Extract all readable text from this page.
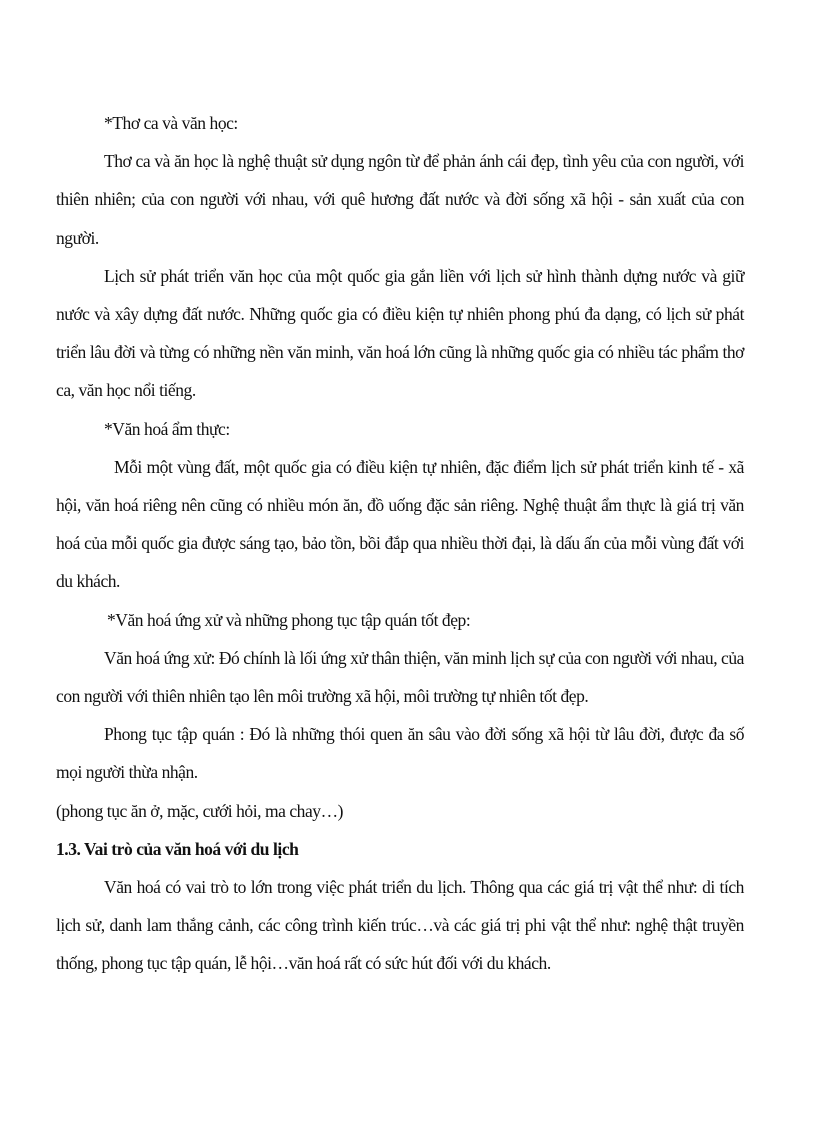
*Thơ ca và văn học:

Thơ ca và ăn học là nghệ thuật sử dụng ngôn từ để phản ánh cái đẹp, tình yêu của con người, với thiên nhiên; của con người với nhau, với quê hương đất nước và đời sống xã hội - sản xuất của con người.

Lịch sử phát triển văn học của một quốc gia gắn liền với lịch sử hình thành dựng nước và giữ nước và xây dựng đất nước. Những quốc gia có điều kiện tự nhiên phong phú đa dạng, có lịch sử phát triển lâu đời và từng có những nền văn minh, văn hoá lớn cũng là những quốc gia có nhiều tác phẩm thơ ca, văn học nổi tiếng.

*Văn hoá ẩm thực:

Mỗi một vùng đất, một quốc gia có điều kiện tự nhiên, đặc điểm lịch sử phát triển kinh tế - xã hội, văn hoá riêng nên cũng có nhiều món ăn, đồ uống đặc sản riêng. Nghệ thuật ẩm thực là giá trị văn hoá của mỗi quốc gia được sáng tạo, bảo tồn, bồi đắp qua nhiều thời đại, là dấu ấn của mỗi vùng đất với du khách.

*Văn hoá ứng xử và những phong tục tập quán tốt đẹp:

Văn hoá ứng xử: Đó chính là lối ứng xử thân thiện, văn minh lịch sự của con người với nhau, của con người với thiên nhiên tạo lên môi trường xã hội, môi trường tự nhiên tốt đẹp.

Phong tục tập quán : Đó là những thói quen ăn sâu vào đời sống xã hội từ lâu đời, được đa số mọi người thừa nhận.

(phong tục ăn ở, mặc, cưới hỏi, ma chay…)

1.3. Vai trò của văn hoá với du lịch

Văn hoá có vai trò to lớn trong việc phát triển du lịch. Thông qua các giá trị vật thể như: di tích lịch sử, danh lam thắng cảnh, các công trình kiến trúc…và các giá trị phi vật thể như: nghệ thật truyền thống, phong tục tập quán, lễ hội…văn hoá rất có sức hút đối với du khách.
